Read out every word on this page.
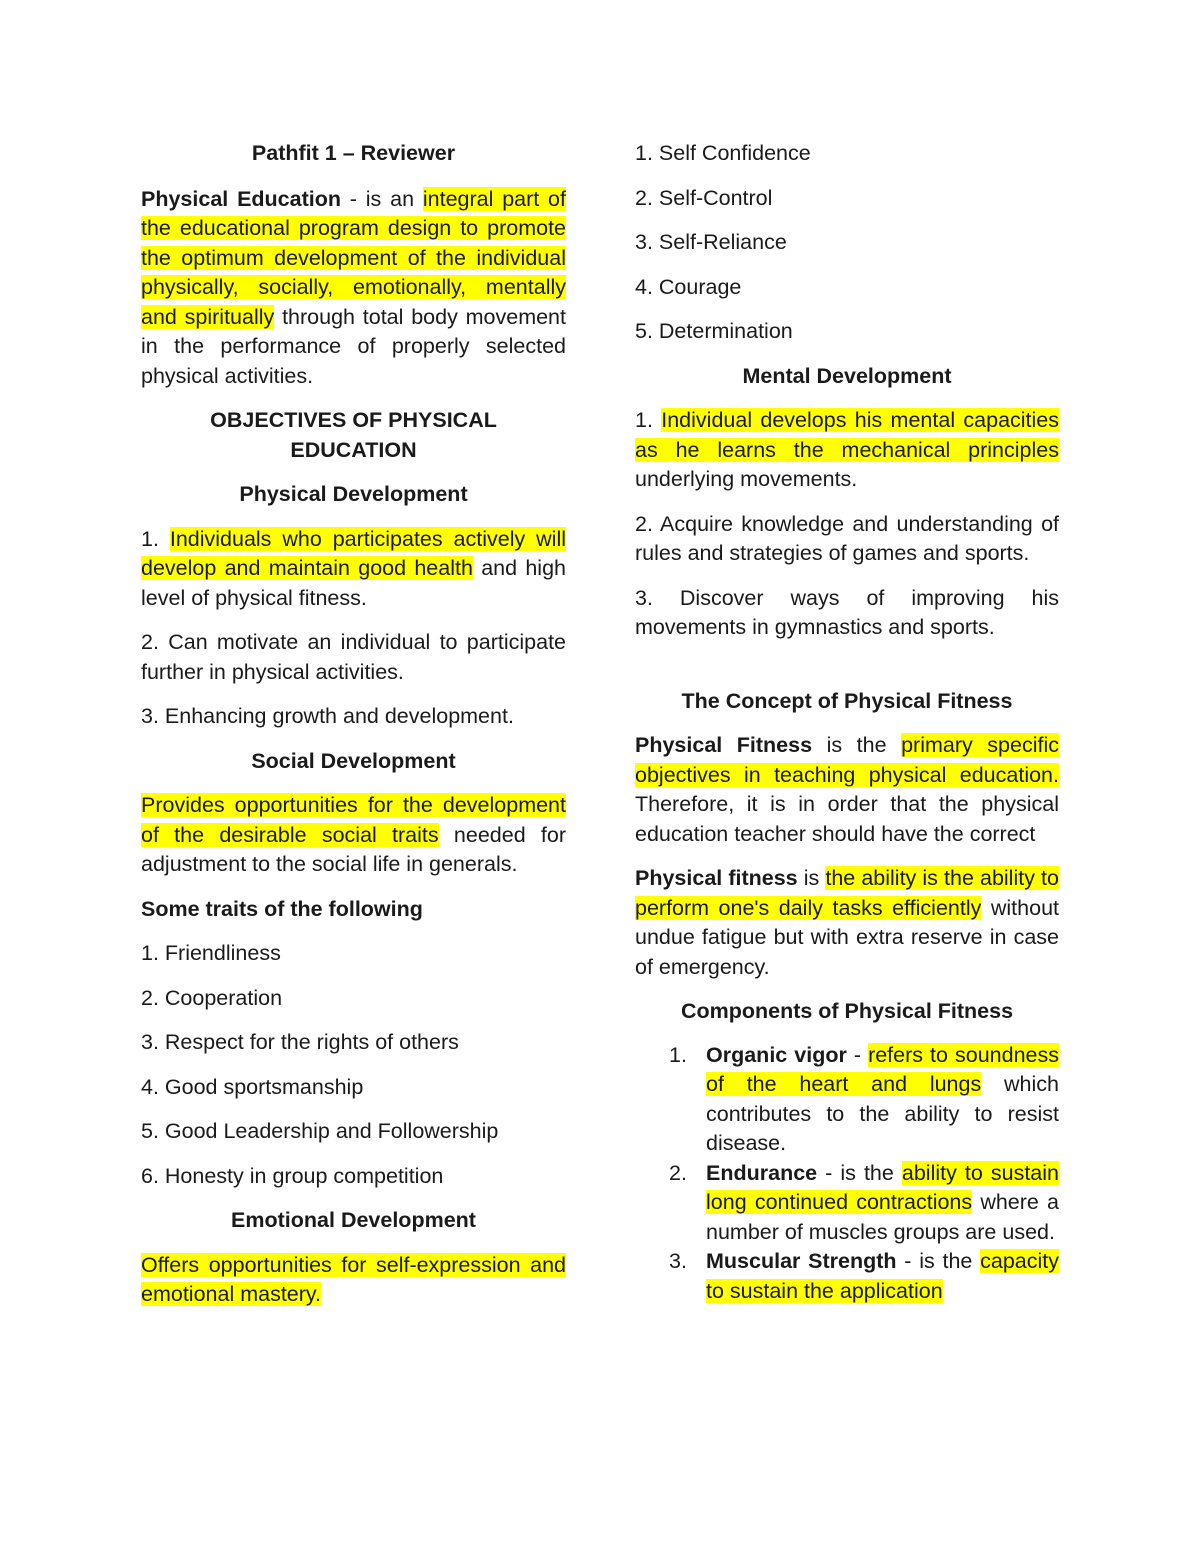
Pathfit 1 – Reviewer

Physical Education - is an integral part of the educational program design to promote the optimum development of the individual physically, socially, emotionally, mentally and spiritually through total body movement in the performance of properly selected physical activities.

OBJECTIVES OF PHYSICAL EDUCATION

Physical Development

1. Individuals who participates actively will develop and maintain good health and high level of physical fitness.

2. Can motivate an individual to participate further in physical activities.

3. Enhancing growth and development.

Social Development

Provides opportunities for the development of the desirable social traits needed for adjustment to the social life in generals.

Some traits of the following

1. Friendliness

2. Cooperation

3. Respect for the rights of others

4. Good sportsmanship

5. Good Leadership and Followership

6. Honesty in group competition

Emotional Development

Offers opportunities for self-expression and emotional mastery.

1. Self Confidence

2. Self-Control

3. Self-Reliance

4. Courage

5. Determination

Mental Development

1. Individual develops his mental capacities as he learns the mechanical principles underlying movements.

2. Acquire knowledge and understanding of rules and strategies of games and sports.

3. Discover ways of improving his movements in gymnastics and sports.

The Concept of Physical Fitness

Physical Fitness is the primary specific objectives in teaching physical education. Therefore, it is in order that the physical education teacher should have the correct

Physical fitness is the ability is the ability to perform one's daily tasks efficiently without undue fatigue but with extra reserve in case of emergency.

Components of Physical Fitness

1. Organic vigor - refers to soundness of the heart and lungs which contributes to the ability to resist disease.
2. Endurance - is the ability to sustain long continued contractions where a number of muscles groups are used.
3. Muscular Strength - is the capacity to sustain the application
